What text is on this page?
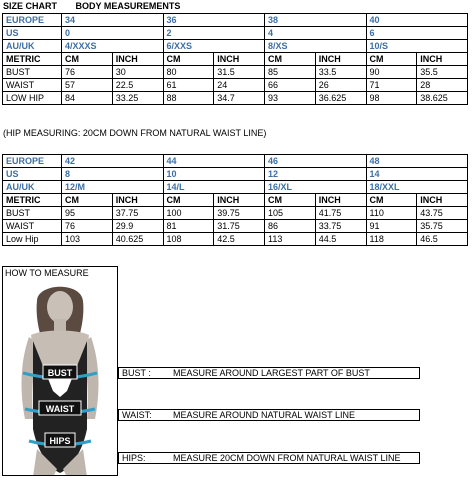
SIZE CHART BODY MEASUREMENTS
EUROPE	34		36		38		40	
US	0		2		4		6	
AU/UK	4/XXXS		6/XXS		8/XS		10/S	
METRIC	CM	INCH	CM	INCH	CM	INCH	CM	INCH
BUST	76	30	80	31.5	85	33.5	90	35.5
WAIST	57	22.5	61	24	66	26	71	28
LOW HIP	84	33.25	88	34.7	93	36.625	98	38.625
(HIP MEASURING: 20CM DOWN FROM NATURAL WAIST LINE)
EUROPE	42		44		46		48	
US	8		10		12		14	
AU/UK	12/M		14/L		16/XL		18/XXL	
METRIC	CM	INCH	CM	INCH	CM	INCH	CM	INCH
BUST	95	37.75	100	39.75	105	41.75	110	43.75
WAIST	76	29.9	81	31.75	86	33.75	91	35.75
Low Hip	103	40.625	108	42.5	113	44.5	118	46.5
HOW TO MEASURE
BUST
WAIST
HIPS
BUST : MEASURE AROUND LARGEST PART OF BUST
WAIST: MEASURE AROUND NATURAL WAIST LINE
HIPS:	MEASURE 20CM DOWN FROM NATURAL WAIST LINE
